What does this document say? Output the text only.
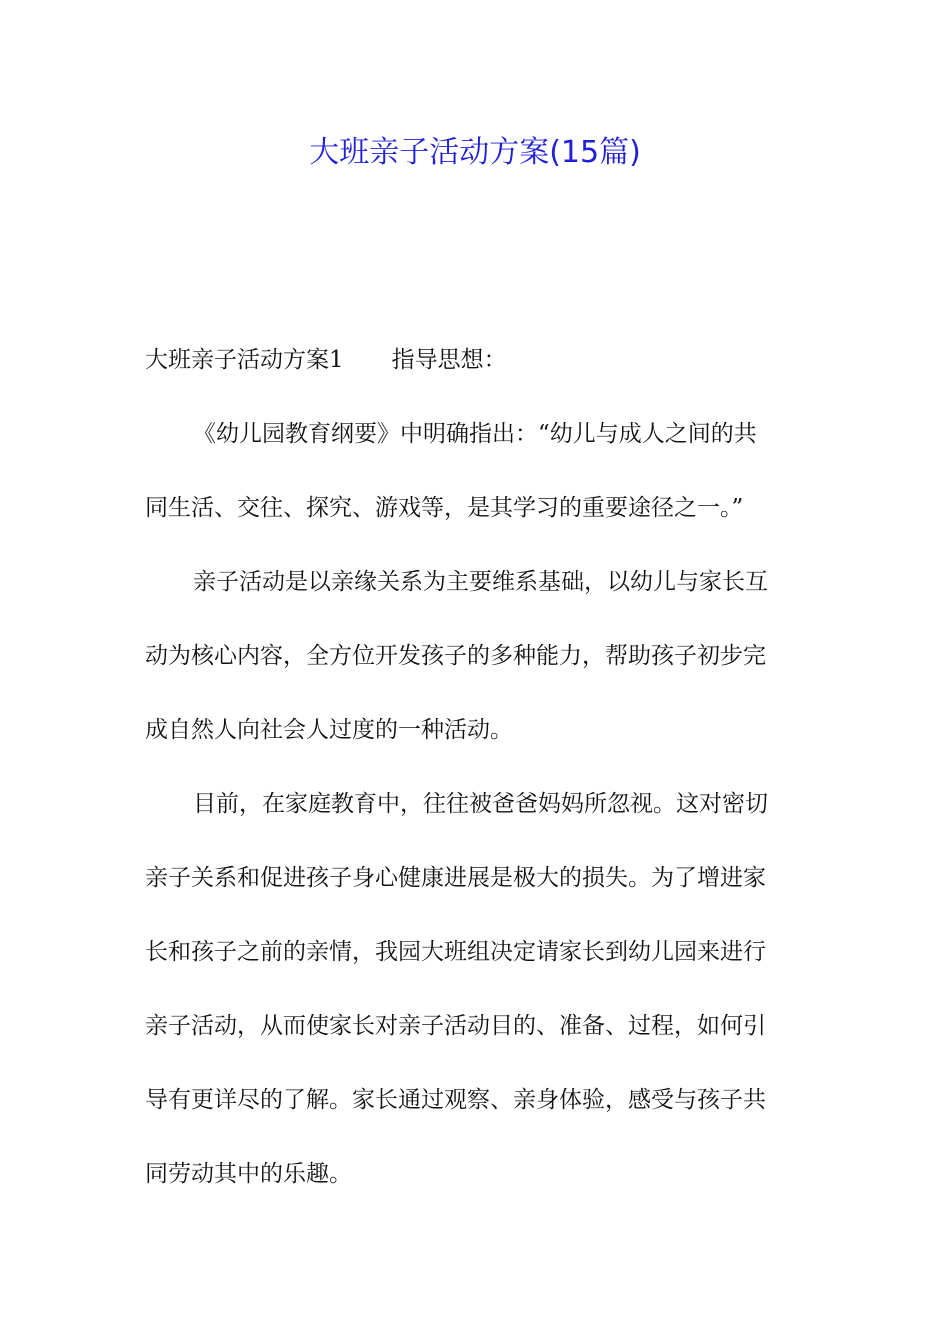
大班亲子活动方案(15篇)
大班亲子活动方案1 指导思想：
《幼儿园教育纲要》中明确指出：“幼儿与成人之间的共
同生活、交往、探究、游戏等，是其学习的重要途径之一。”
亲子活动是以亲缘关系为主要维系基础，以幼儿与家长互
动为核心内容，全方位开发孩子的多种能力，帮助孩子初步完
成自然人向社会人过度的一种活动。
目前，在家庭教育中，往往被爸爸妈妈所忽视。这对密切
亲子关系和促进孩子身心健康进展是极大的损失。为了增进家
长和孩子之前的亲情，我园大班组决定请家长到幼儿园来进行
亲子活动，从而使家长对亲子活动目的、准备、过程，如何引
导有更详尽的了解。家长通过观察、亲身体验，感受与孩子共
同劳动其中的乐趣。
